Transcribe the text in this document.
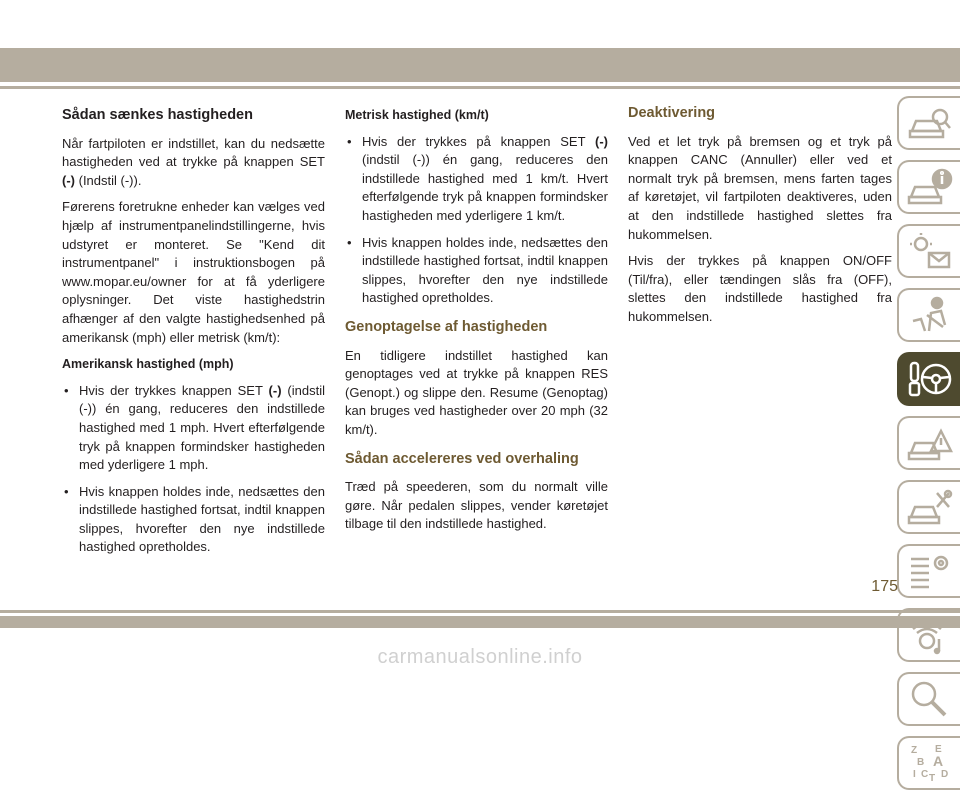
Sådan sænkes hastigheden

Når fartpiloten er indstillet, kan du nedsætte hastigheden ved at trykke på knappen SET (-) (Indstil (-)).

Førerens foretrukne enheder kan vælges ved hjælp af instrumentpanelindstillingerne, hvis udstyret er monteret. Se "Kend dit instrumentpanel" i instruktionsbogen på www.mopar.eu/owner for at få yderligere oplysninger. Det viste hastighedstrin afhænger af den valgte hastighedsenhed på amerikansk (mph) eller metrisk (km/t):

Amerikansk hastighed (mph)
• Hvis der trykkes knappen SET (-) (indstil (-)) én gang, reduceres den indstillede hastighed med 1 mph. Hvert efterfølgende tryk på knappen formindsker hastigheden med yderligere 1 mph.
• Hvis knappen holdes inde, nedsættes den indstillede hastighed fortsat, indtil knappen slippes, hvorefter den nye indstillede hastighed opretholdes.
Metrisk hastighed (km/t)
• Hvis der trykkes på knappen SET (-) (indstil (-)) én gang, reduceres den indstillede hastighed med 1 km/t. Hvert efterfølgende tryk på knappen formindsker hastigheden med yderligere 1 km/t.
• Hvis knappen holdes inde, nedsættes den indstillede hastighed fortsat, indtil knappen slippes, hvorefter den nye indstillede hastighed opretholdes.
Genoptagelse af hastigheden

En tidligere indstillet hastighed kan genoptages ved at trykke på knappen RES (Genopt.) og slippe den. Resume (Genoptag) kan bruges ved hastigheder over 20 mph (32 km/t).

Sådan accelereres ved overhaling

Træd på speederen, som du normalt ville gøre. Når pedalen slippes, vender køretøjet tilbage til den indstillede hastighed.

Deaktivering

Ved et let tryk på bremsen og et tryk på knappen CANC (Annuller) eller ved et normalt tryk på bremsen, mens farten tages af køretøjet, vil fartpiloten deaktiveres, uden at den indstillede hastighed slettes fra hukommelsen.

Hvis der trykkes på knappen ON/OFF (Til/fra), eller tændingen slås fra (OFF), slettes den indstillede hastighed fra hukommelsen.

Z E
B A
I C T D
175
carmanualsonline.info
